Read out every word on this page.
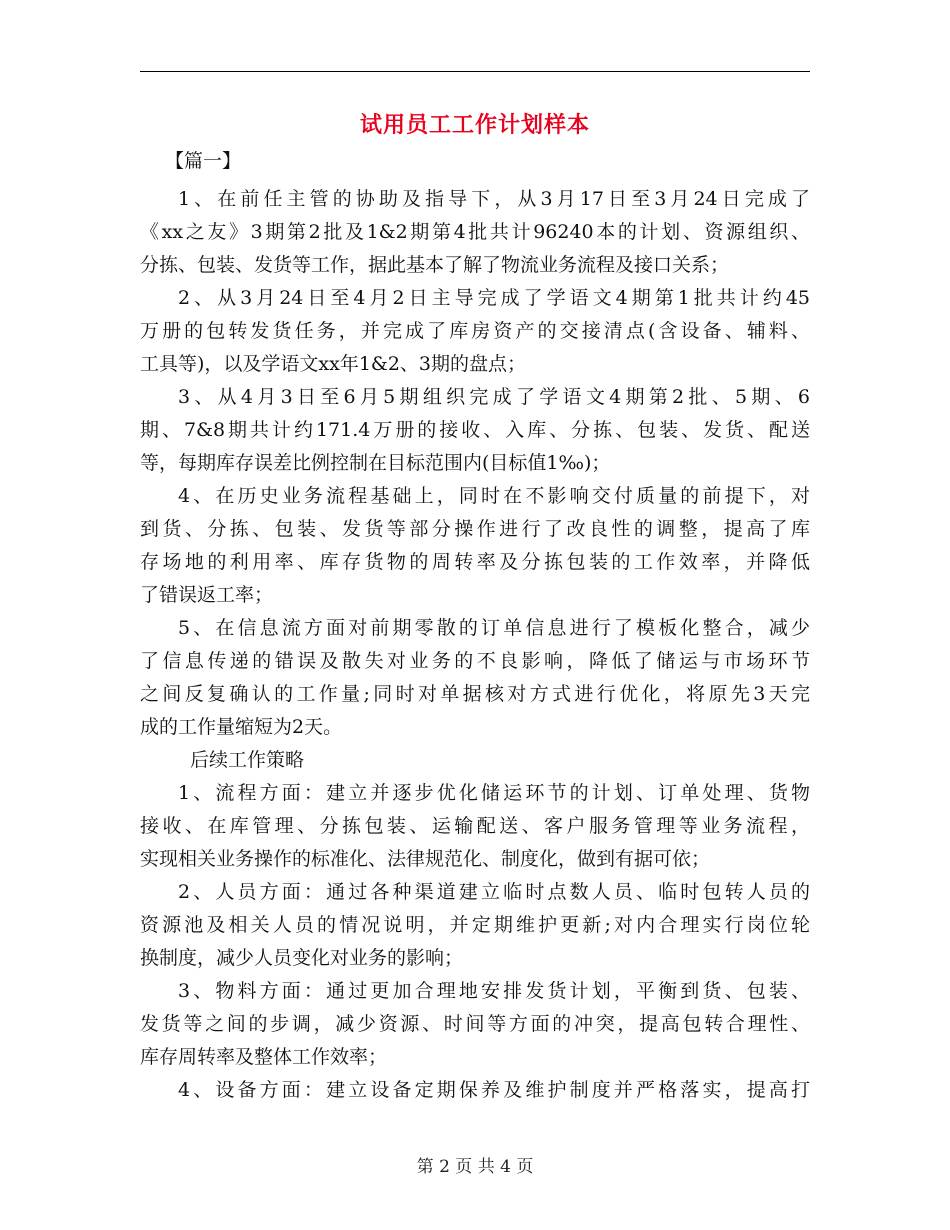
试用员工工作计划样本
【篇一】
1、在前任主管的协助及指导下，从3月17日至3月24日完成了
《xx之友》3期第2批及1&2期第4批共计96240本的计划、资源组织、
分拣、包装、发货等工作，据此基本了解了物流业务流程及接口关系；
2、从3月24日至4月2日主导完成了学语文4期第1批共计约45
万册的包转发货任务，并完成了库房资产的交接清点(含设备、辅料、
工具等)，以及学语文xx年1&2、3期的盘点；
3、从4月3日至6月5期组织完成了学语文4期第2批、5期、6
期、7&8期共计约171.4万册的接收、入库、分拣、包装、发货、配送
等，每期库存误差比例控制在目标范围内(目标值1‰)；
4、在历史业务流程基础上，同时在不影响交付质量的前提下，对
到货、分拣、包装、发货等部分操作进行了改良性的调整，提高了库
存场地的利用率、库存货物的周转率及分拣包装的工作效率，并降低
了错误返工率；
5、在信息流方面对前期零散的订单信息进行了模板化整合，减少
了信息传递的错误及散失对业务的不良影响，降低了储运与市场环节
之间反复确认的工作量;同时对单据核对方式进行优化，将原先3天完
成的工作量缩短为2天。
后续工作策略
1、流程方面：建立并逐步优化储运环节的计划、订单处理、货物
接收、在库管理、分拣包装、运输配送、客户服务管理等业务流程，
实现相关业务操作的标准化、法律规范化、制度化，做到有据可依；
2、人员方面：通过各种渠道建立临时点数人员、临时包转人员的
资源池及相关人员的情况说明，并定期维护更新;对内合理实行岗位轮
换制度，减少人员变化对业务的影响；
3、物料方面：通过更加合理地安排发货计划，平衡到货、包装、
发货等之间的步调，减少资源、时间等方面的冲突，提高包转合理性、
库存周转率及整体工作效率；
4、设备方面：建立设备定期保养及维护制度并严格落实，提高打
第 2 页 共 4 页
